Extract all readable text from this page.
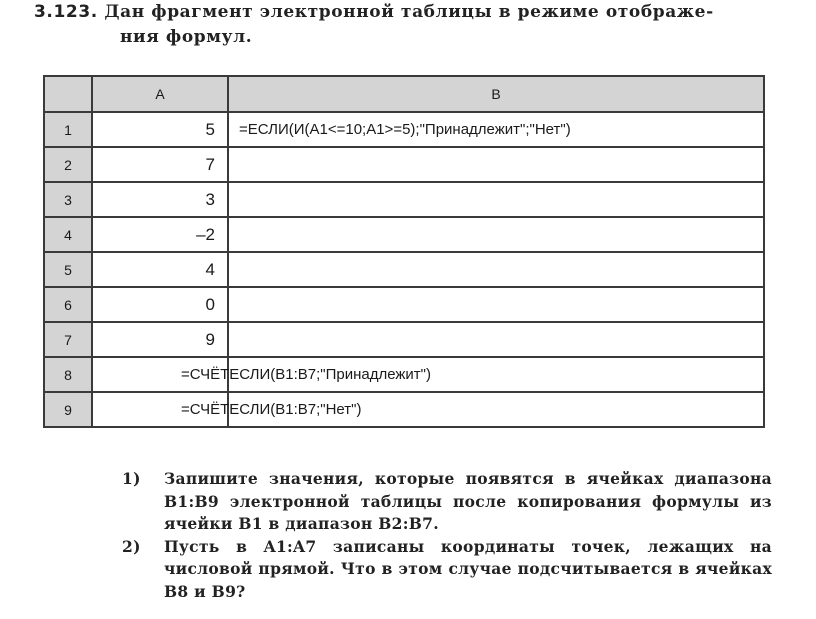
3.123. Дан фрагмент электронной таблицы в режиме отображе-
ния формул.
	A	B
1	5	=ЕСЛИ(И(A1<=10;A1>=5);"Принадлежит";"Нет")
2	7	
3	3	
4	–2	
5	4	
6	0	
7	9	
8		=СЧЁТЕСЛИ(B1:B7;"Принадлежит")
9		=СЧЁТЕСЛИ(B1:B7;"Нет")
1) Запишите значения, которые появятся в ячейках диапазона B1:B9 электронной таблицы после копирования формулы из ячейки B1 в диапазон B2:B7.
2) Пусть в A1:A7 записаны координаты точек, лежащих на числовой прямой. Что в этом случае подсчитывается в ячейках B8 и B9?
